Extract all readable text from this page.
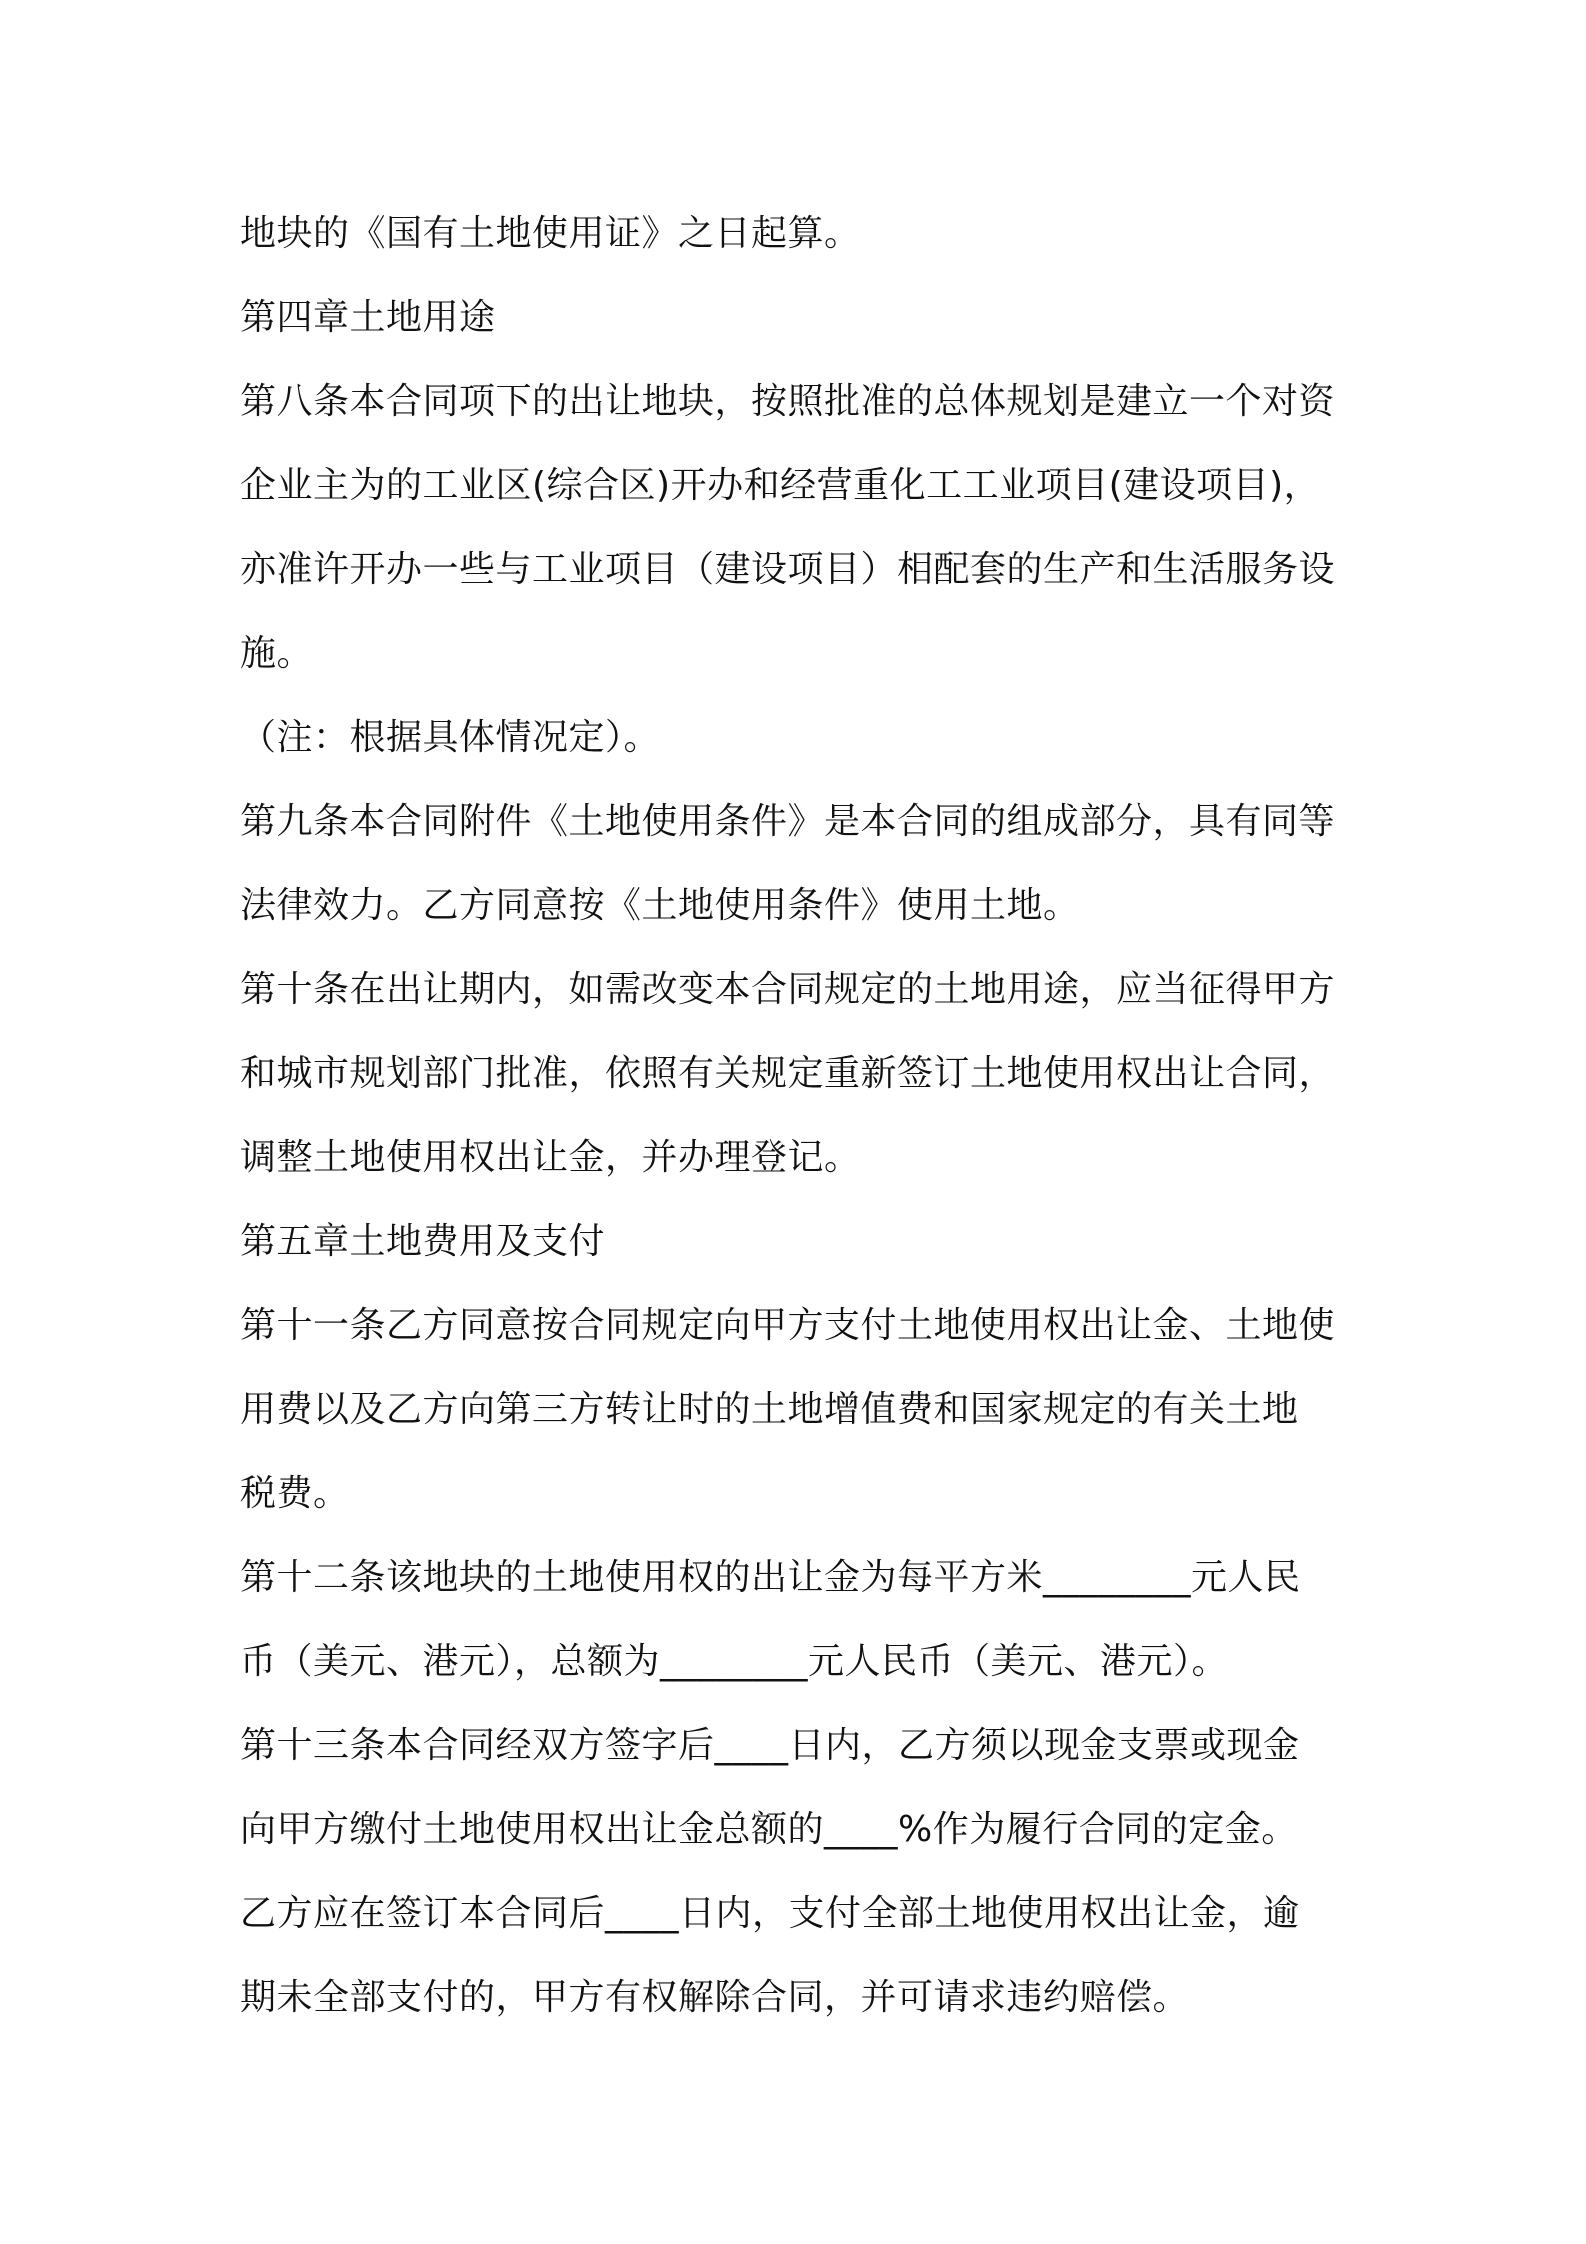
地块的《国有土地使用证》之日起算。
第四章土地用途
第八条本合同项下的出让地块，按照批准的总体规划是建立一个对资
企业主为的工业区(综合区)开办和经营重化工工业项目(建设项目)，
亦准许开办一些与工业项目（建设项目）相配套的生产和生活服务设
施。
（注：根据具体情况定）。
第九条本合同附件《土地使用条件》是本合同的组成部分，具有同等
法律效力。乙方同意按《土地使用条件》使用土地。
第十条在出让期内，如需改变本合同规定的土地用途，应当征得甲方
和城市规划部门批准，依照有关规定重新签订土地使用权出让合同，
调整土地使用权出让金，并办理登记。
第五章土地费用及支付
第十一条乙方同意按合同规定向甲方支付土地使用权出让金、土地使
用费以及乙方向第三方转让时的土地增值费和国家规定的有关土地
税费。
第十二条该地块的土地使用权的出让金为每平方米________元人民
币（美元、港元），总额为________元人民币（美元、港元）。
第十三条本合同经双方签字后____日内，乙方须以现金支票或现金
向甲方缴付土地使用权出让金总额的____%作为履行合同的定金。
乙方应在签订本合同后____日内，支付全部土地使用权出让金，逾
期未全部支付的，甲方有权解除合同，并可请求违约赔偿。
